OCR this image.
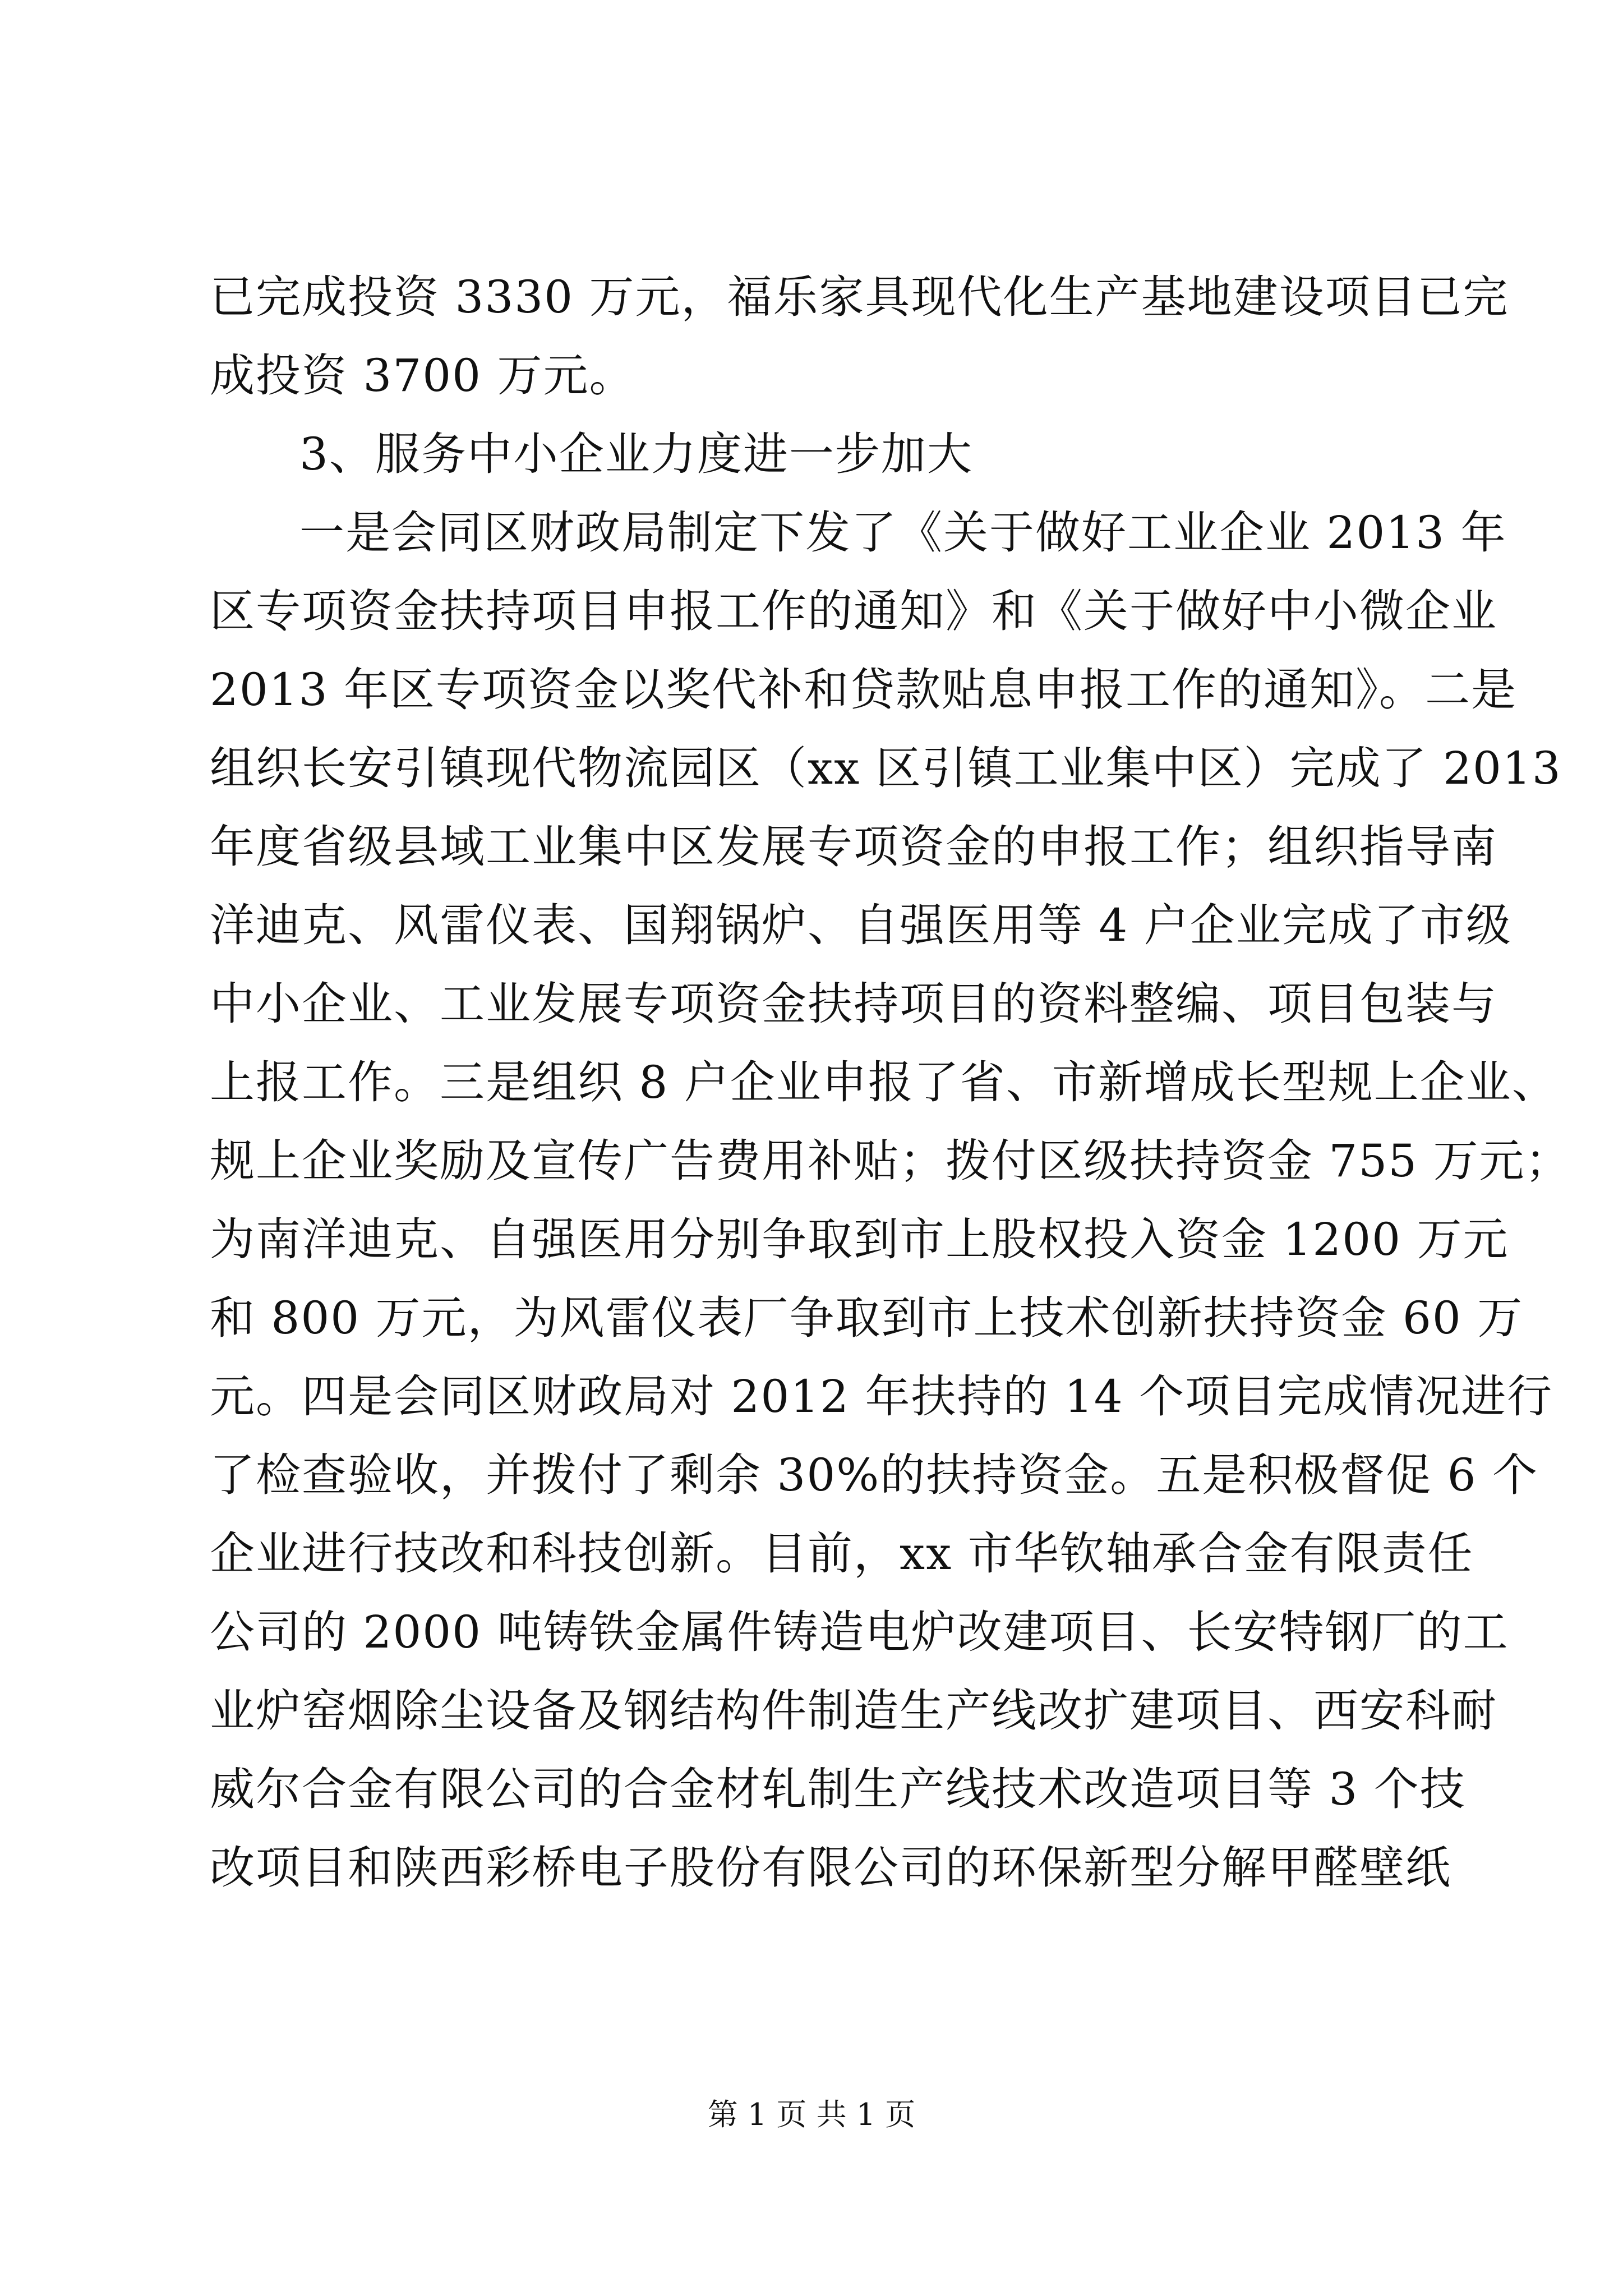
已完成投资 3330 万元，福乐家具现代化生产基地建设项目已完
成投资 3700 万元。
3、服务中小企业力度进一步加大
一是会同区财政局制定下发了《关于做好工业企业 2013 年
区专项资金扶持项目申报工作的通知》和《关于做好中小微企业
2013 年区专项资金以奖代补和贷款贴息申报工作的通知》。二是
组织长安引镇现代物流园区（xx 区引镇工业集中区）完成了 2013
年度省级县域工业集中区发展专项资金的申报工作；组织指导南
洋迪克、风雷仪表、国翔锅炉、自强医用等 4 户企业完成了市级
中小企业、工业发展专项资金扶持项目的资料整编、项目包装与
上报工作。三是组织 8 户企业申报了省、市新增成长型规上企业、
规上企业奖励及宣传广告费用补贴；拨付区级扶持资金 755 万元；
为南洋迪克、自强医用分别争取到市上股权投入资金 1200 万元
和 800 万元，为风雷仪表厂争取到市上技术创新扶持资金 60 万
元。四是会同区财政局对 2012 年扶持的 14 个项目完成情况进行
了检查验收，并拨付了剩余 30%的扶持资金。五是积极督促 6 个
企业进行技改和科技创新。目前，xx 市华钦轴承合金有限责任
公司的 2000 吨铸铁金属件铸造电炉改建项目、长安特钢厂的工
业炉窑烟除尘设备及钢结构件制造生产线改扩建项目、西安科耐
威尔合金有限公司的合金材轧制生产线技术改造项目等 3 个技
改项目和陕西彩桥电子股份有限公司的环保新型分解甲醛壁纸
第 1 页 共 1 页
